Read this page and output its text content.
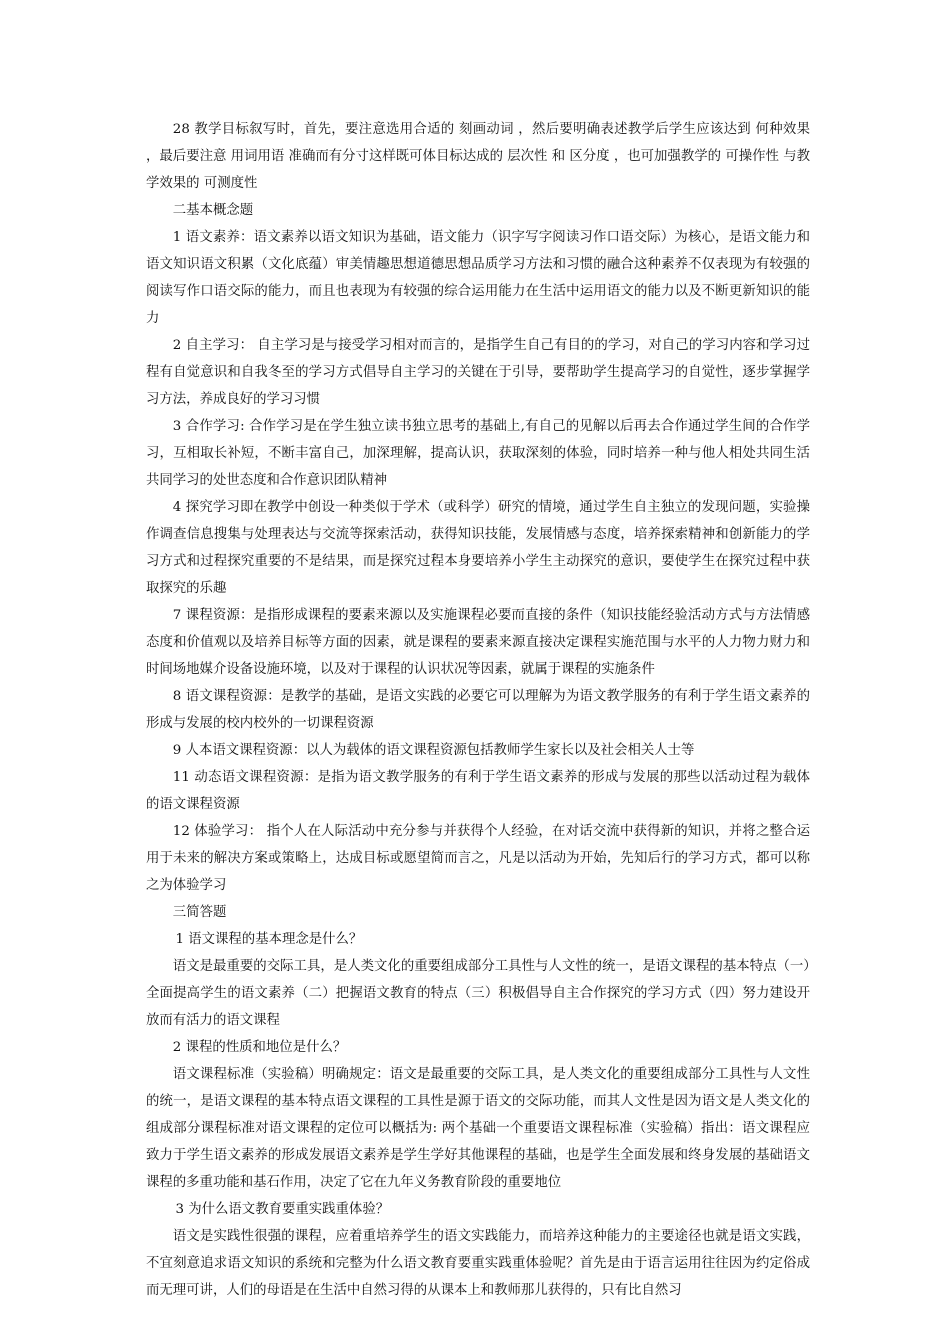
28 教学目标叙写时，首先，要注意选用合适的 刻画动词 ，然后要明确表述教学后学生应该达到 何种效果 ，最后要注意 用词用语 准确而有分寸这样既可体目标达成的 层次性 和 区分度 ，也可加强教学的 可操作性 与教学效果的 可测度性

二基本概念题

1 语文素养：语文素养以语文知识为基础，语文能力（识字写字阅读习作口语交际）为核心，是语文能力和语文知识语文积累（文化底蕴）审美情趣思想道德思想品质学习方法和习惯的融合这种素养不仅表现为有较强的阅读写作口语交际的能力，而且也表现为有较强的综合运用能力在生活中运用语文的能力以及不断更新知识的能力

2 自主学习： 自主学习是与接受学习相对而言的，是指学生自己有目的的学习，对自己的学习内容和学习过程有自觉意识和自我冬至的学习方式倡导自主学习的关键在于引导，要帮助学生提高学习的自觉性，逐步掌握学习方法，养成良好的学习习惯

3 合作学习: 合作学习是在学生独立读书独立思考的基础上,有自己的见解以后再去合作通过学生间的合作学习，互相取长补短，不断丰富自己，加深理解，提高认识，获取深刻的体验，同时培养一种与他人相处共同生活共同学习的处世态度和合作意识团队精神

4 探究学习即在教学中创设一种类似于学术（或科学）研究的情境，通过学生自主独立的发现问题，实验操作调查信息搜集与处理表达与交流等探索活动，获得知识技能，发展情感与态度，培养探索精神和创新能力的学习方式和过程探究重要的不是结果，而是探究过程本身要培养小学生主动探究的意识，要使学生在探究过程中获取探究的乐趣

7 课程资源：是指形成课程的要素来源以及实施课程必要而直接的条件（知识技能经验活动方式与方法情感态度和价值观以及培养目标等方面的因素，就是课程的要素来源直接决定课程实施范围与水平的人力物力财力和时间场地媒介设备设施环境，以及对于课程的认识状况等因素，就属于课程的实施条件

8 语文课程资源：是教学的基础，是语文实践的必要它可以理解为为语文教学服务的有利于学生语文素养的形成与发展的校内校外的一切课程资源

9 人本语文课程资源：以人为载体的语文课程资源包括教师学生家长以及社会相关人士等

11 动态语文课程资源：是指为语文教学服务的有利于学生语文素养的形成与发展的那些以活动过程为载体的语文课程资源

12 体验学习： 指个人在人际活动中充分参与并获得个人经验，在对话交流中获得新的知识，并将之整合运用于未来的解决方案或策略上，达成目标或愿望简而言之，凡是以活动为开始，先知后行的学习方式，都可以称之为体验学习

三简答题

1 语文课程的基本理念是什么？

语文是最重要的交际工具，是人类文化的重要组成部分工具性与人文性的统一，是语文课程的基本特点（一）全面提高学生的语文素养（二）把握语文教育的特点（三）积极倡导自主合作探究的学习方式（四）努力建设开放而有活力的语文课程

2 课程的性质和地位是什么？

语文课程标准（实验稿）明确规定：语文是最重要的交际工具，是人类文化的重要组成部分工具性与人文性的统一，是语文课程的基本特点语文课程的工具性是源于语文的交际功能，而其人文性是因为语文是人类文化的组成部分课程标准对语文课程的定位可以概括为: 两个基础一个重要语文课程标准（实验稿）指出：语文课程应致力于学生语文素养的形成发展语文素养是学生学好其他课程的基础，也是学生全面发展和终身发展的基础语文课程的多重功能和基石作用，决定了它在九年义务教育阶段的重要地位

3 为什么语文教育要重实践重体验？

语文是实践性很强的课程，应着重培养学生的语文实践能力，而培养这种能力的主要途径也就是语文实践，不宜刻意追求语文知识的系统和完整为什么语文教育要重实践重体验呢？首先是由于语言运用往往因为约定俗成而无理可讲，人们的母语是在生活中自然习得的从课本上和教师那儿获得的，只有比自然习
